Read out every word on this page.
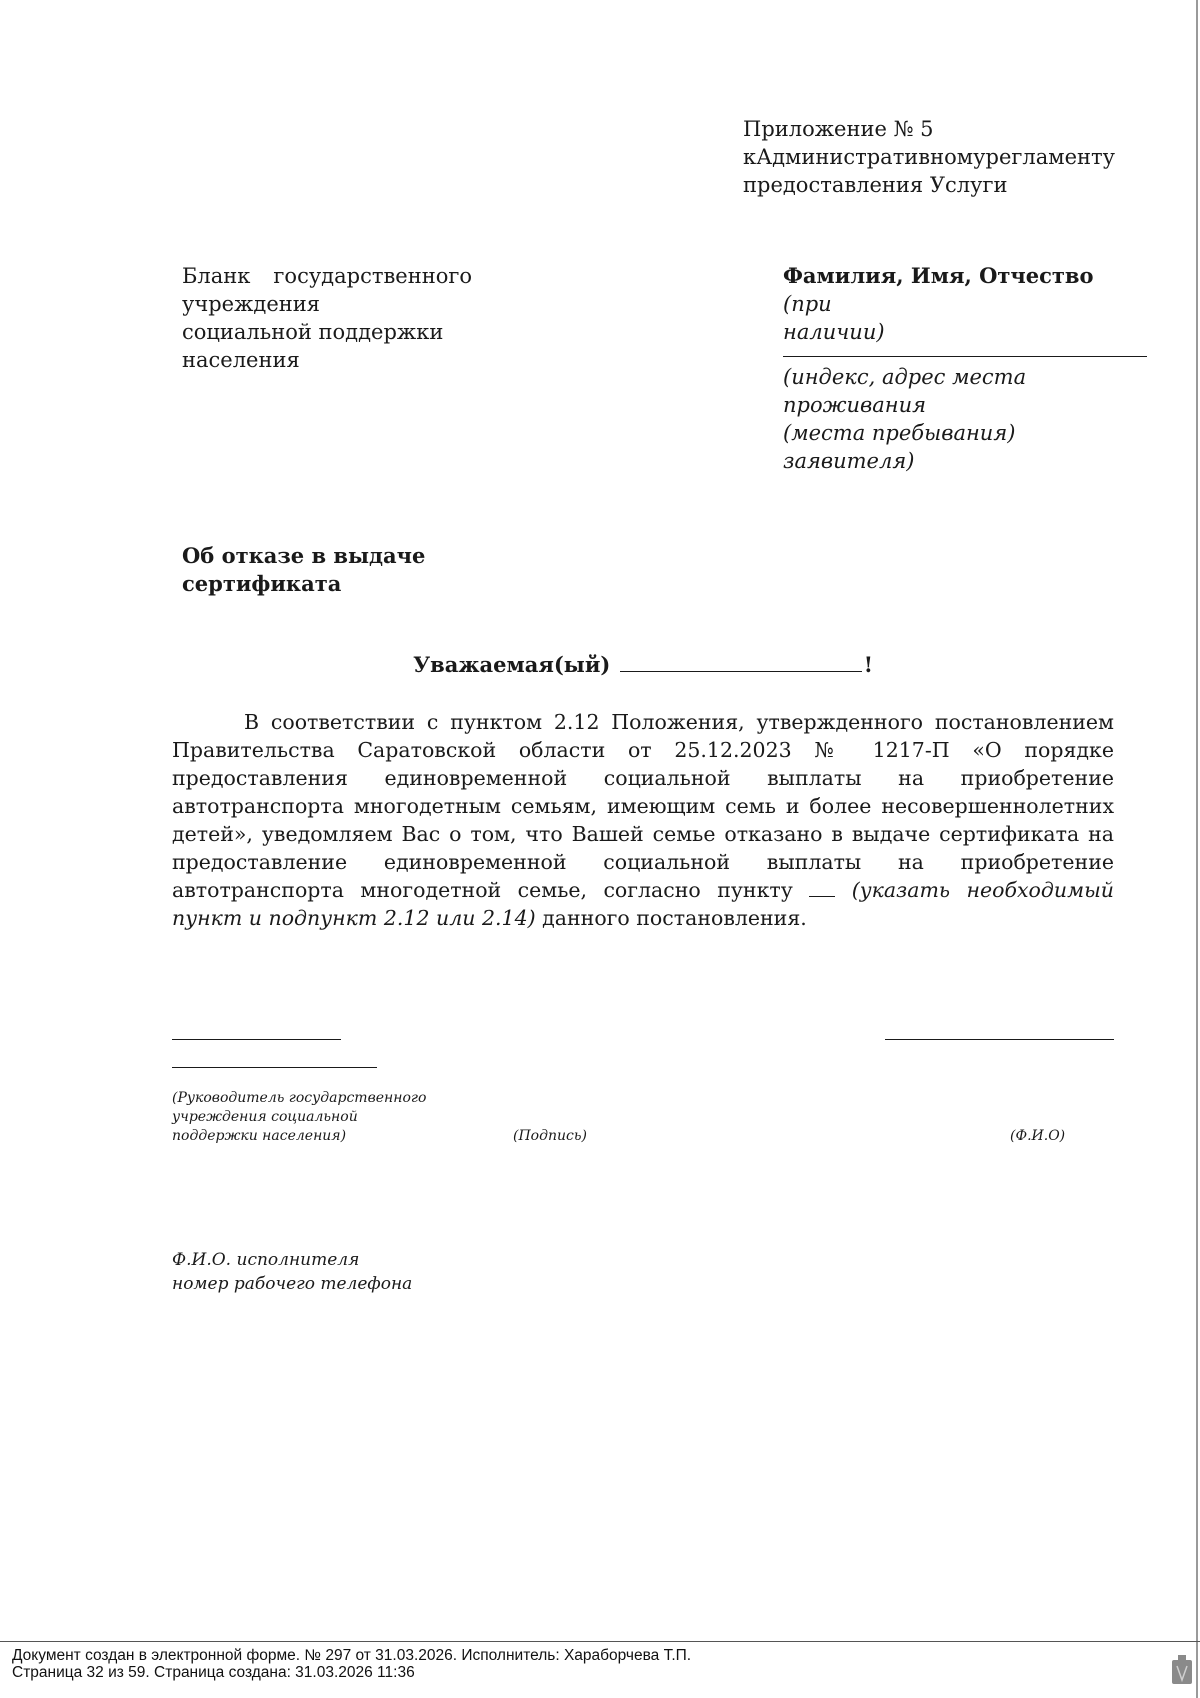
Приложение № 5
к Административному регламенту
предоставления Услуги
Бланк государственного
учреждения
социальной поддержки
населения
Фамилия, Имя, Отчество (при
наличии)
(индекс, адрес места проживания
(места пребывания) заявителя)
Об отказе в выдаче
сертификата
Уважаемая(ый)	!
В соответствии с пунктом 2.12 Положения, утвержденного постановлением Правительства Саратовской области от 25.12.2023 № 1217-П «О порядке предоставления единовременной социальной выплаты на приобретение автотранспорта многодетным семьям, имеющим семь и более несовершеннолетних детей», уведомляем Вас о том, что Вашей семье отказано в выдаче сертификата на предоставление единовременной социальной выплаты на приобретение автотранспорта многодетной семье, согласно пункту	(указать необходимый пункт и подпункт 2.12 или 2.14) данного постановления.
(Руководитель государственного
учреждения социальной
поддержки населения)	(Подпись)	(Ф.И.О)
Ф.И.О. исполнителя
номер рабочего телефона
Документ создан в электронной форме. № 297 от 31.03.2026. Исполнитель: Хараборчева Т.П.
Страница 32 из 59. Страница создана: 31.03.2026 11:36
